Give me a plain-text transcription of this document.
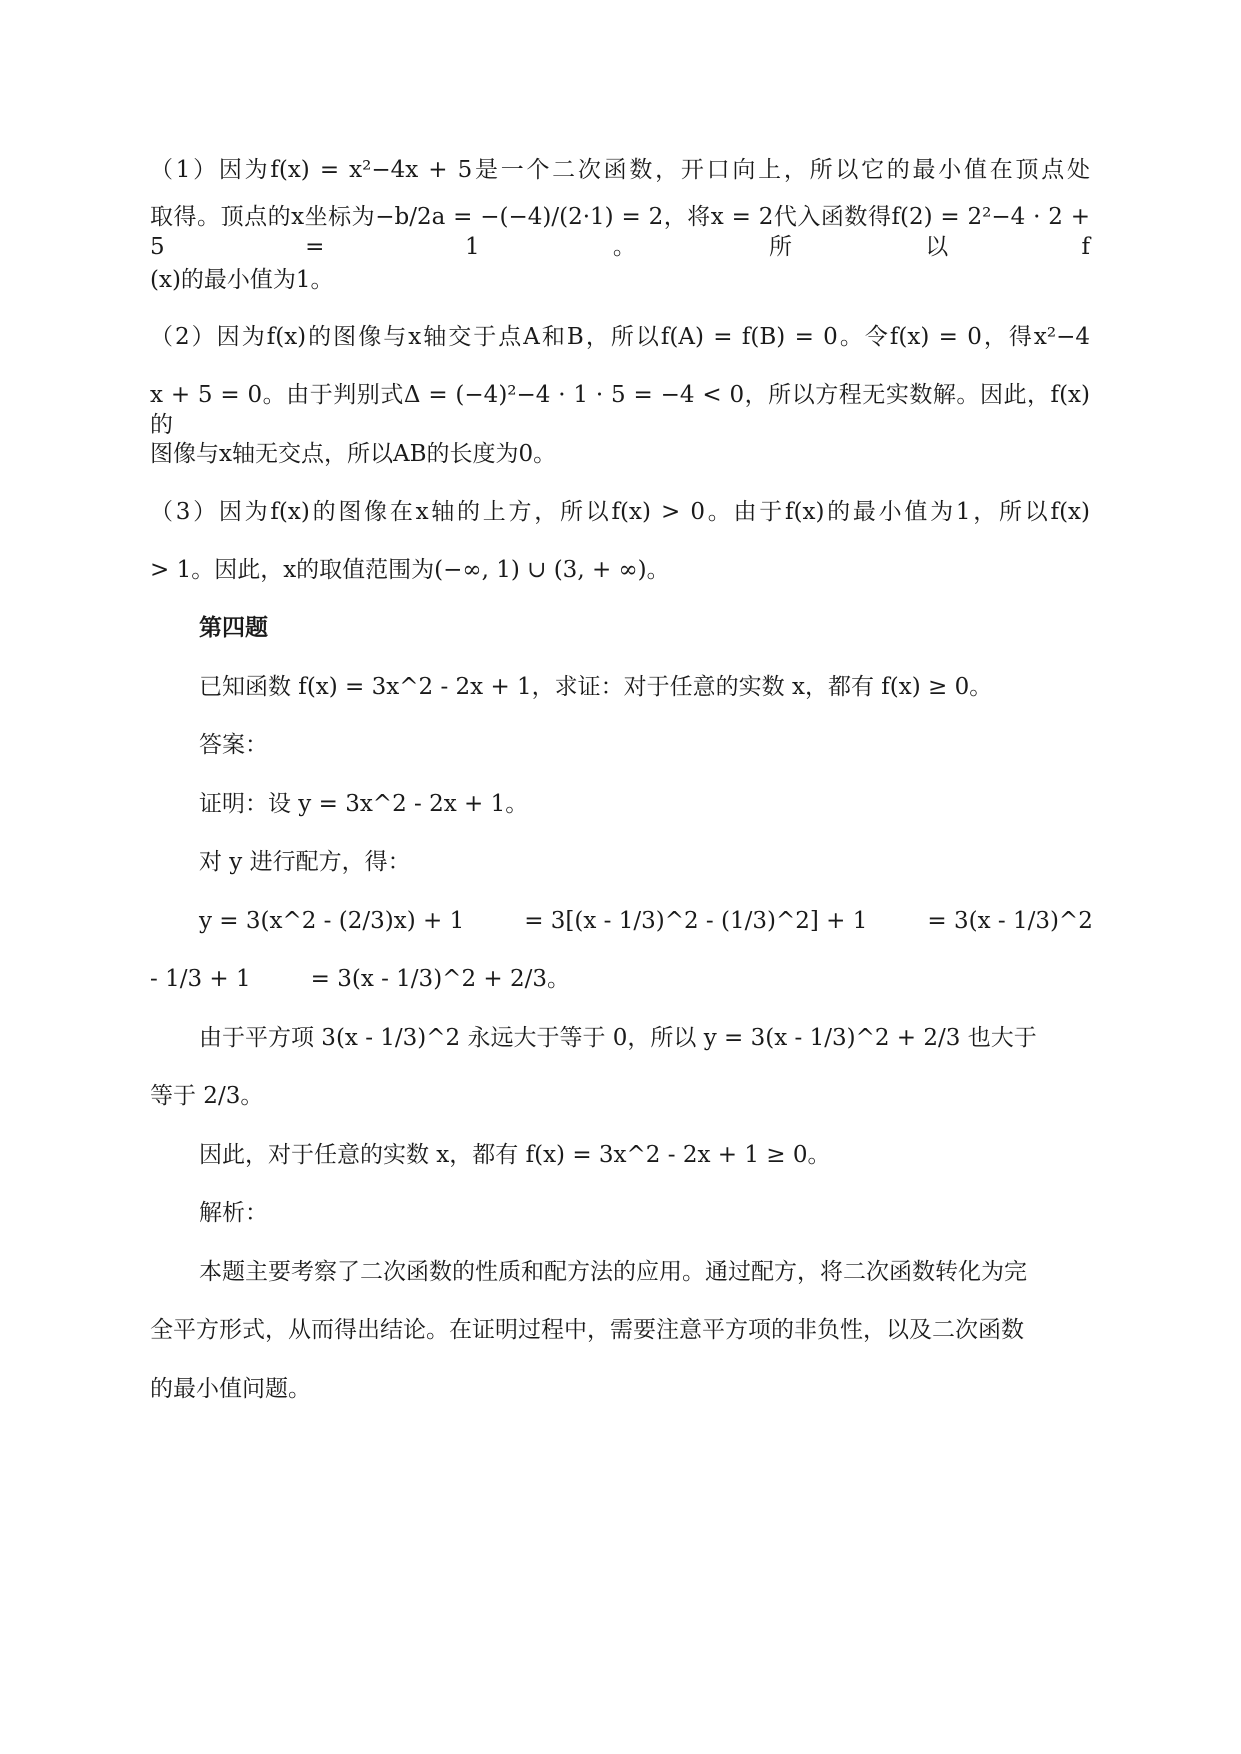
（1）因为f(x) = x²−4x + 5是一个二次函数，开口向上，所以它的最小值在顶点处
取得。顶点的x坐标为−b/2a = −(−4)/(2·1) = 2，将x = 2代入函数得f(2) = 2²−4 · 2 + 5 = 1。所以f
(x)的最小值为1。
（2）因为f(x)的图像与x轴交于点A和B，所以f(A) = f(B) = 0。令f(x) = 0，得x²−4
x + 5 = 0。由于判别式Δ = (−4)²−4 · 1 · 5 = −4 < 0，所以方程无实数解。因此，f(x)的
图像与x轴无交点，所以AB的长度为0。
（3）因为f(x)的图像在x轴的上方，所以f(x) > 0。由于f(x)的最小值为1，所以f(x)
> 1。因此，x的取值范围为(−∞, 1) ∪ (3, + ∞)。
第四题
已知函数 f(x) = 3x^2 - 2x + 1，求证：对于任意的实数 x，都有 f(x) ≥ 0。
答案：
证明：设 y = 3x^2 - 2x + 1。
对 y 进行配方，得：
y = 3(x^2 - (2/3)x) + 1	= 3[(x - 1/3)^2 - (1/3)^2] + 1	= 3(x - 1/3)^2
- 1/3 + 1	= 3(x - 1/3)^2 + 2/3。
由于平方项 3(x - 1/3)^2 永远大于等于 0，所以 y = 3(x - 1/3)^2 + 2/3 也大于
等于 2/3。
因此，对于任意的实数 x，都有 f(x) = 3x^2 - 2x + 1 ≥ 0。
解析：
本题主要考察了二次函数的性质和配方法的应用。通过配方，将二次函数转化为完
全平方形式，从而得出结论。在证明过程中，需要注意平方项的非负性，以及二次函数
的最小值问题。
